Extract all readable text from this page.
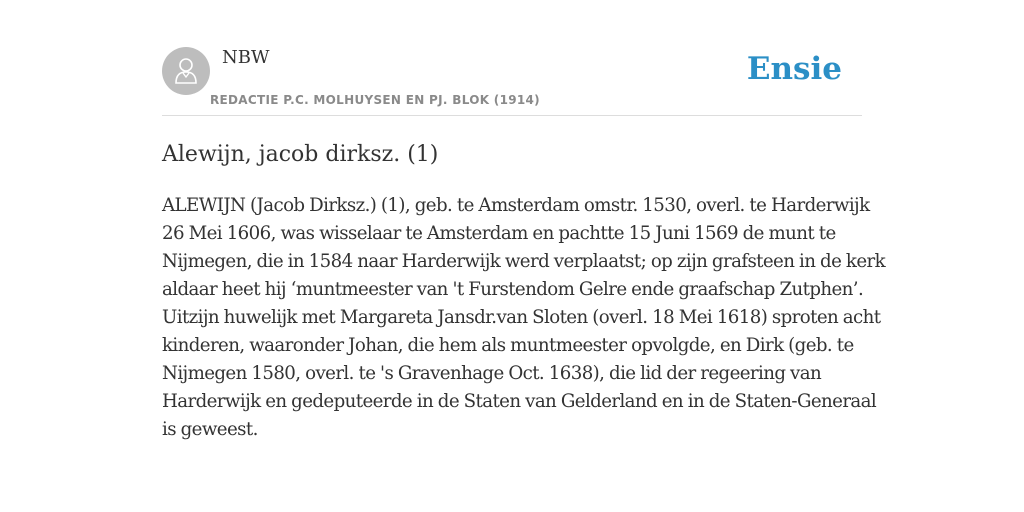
NBW
REDACTIE P.C. MOLHUYSEN EN PJ. BLOK (1914)
Ensie
Alewijn, jacob dirksz. (1)

ALEWIJN (Jacob Dirksz.) (1), geb. te Amsterdam omstr. 1530, overl. te Harderwijk
26 Mei 1606, was wisselaar te Amsterdam en pachtte 15 Juni 1569 de munt te
Nijmegen, die in 1584 naar Harderwijk werd verplaatst; op zijn grafsteen in de kerk
aldaar heet hij ‘muntmeester van 't Furstendom Gelre ende graafschap Zutphen’.
Uitzijn huwelijk met Margareta Jansdr.van Sloten (overl. 18 Mei 1618) sproten acht
kinderen, waaronder Johan, die hem als muntmeester opvolgde, en Dirk (geb. te
Nijmegen 1580, overl. te 's Gravenhage Oct. 1638), die lid der regeering van
Harderwijk en gedeputeerde in de Staten van Gelderland en in de Staten-Generaal
is geweest.
